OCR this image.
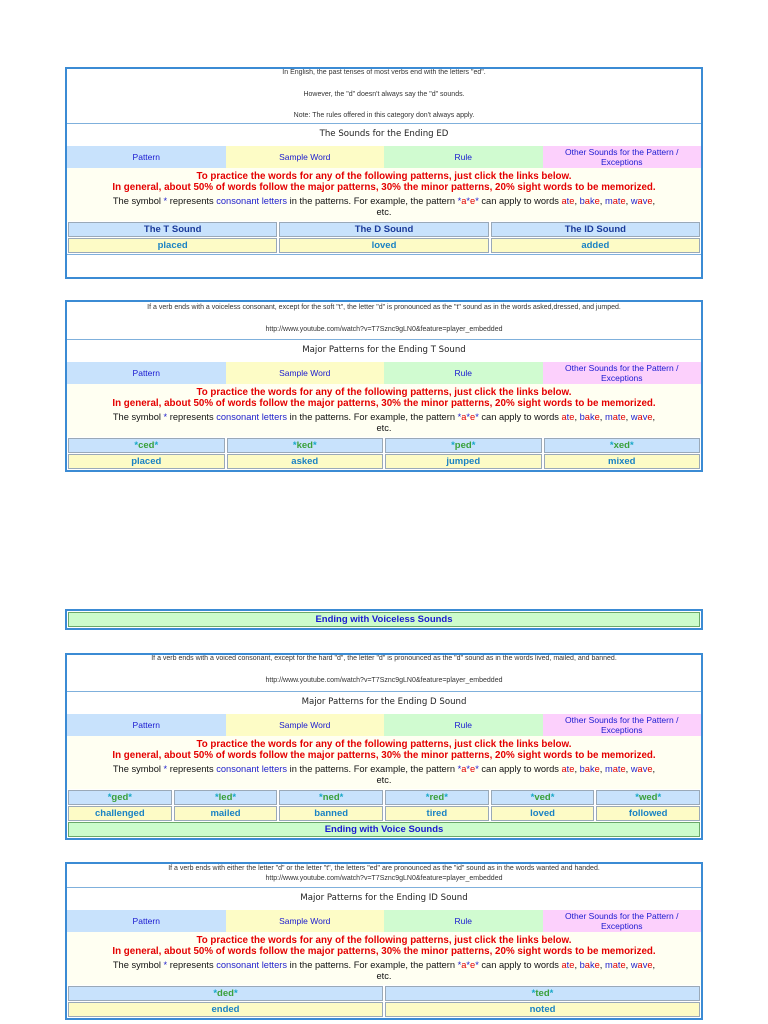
In English, the past tenses of most verbs end with the letters "ed".
However, the "d" doesn't always say the "d" sounds.
Note: The rules offered in this category don't always apply.
The Sounds for the Ending ED
Pattern	Sample Word	Rule	Other Sounds for the Pattern / Exceptions
To practice the words for any of the following patterns, just click the links below.
In general, about 50% of words follow the major patterns, 30% the minor patterns, 20% sight words to be memorized.
The symbol * represents consonant letters in the patterns. For example, the pattern *a*e* can apply to words ate, bake, mate, wave,
etc.
The T Sound	The D Sound	The ID Sound
placed	loved	added
If a verb ends with a voiceless consonant, except for the soft "t", the letter "d" is pronounced as the "t" sound as in the words asked,dressed, and jumped.
http://www.youtube.com/watch?v=T7Sznc9gLN0&feature=player_embedded
Major Patterns for the Ending T Sound
Pattern	Sample Word	Rule	Other Sounds for the Pattern / Exceptions
To practice the words for any of the following patterns, just click the links below.
In general, about 50% of words follow the major patterns, 30% the minor patterns, 20% sight words to be memorized.
The symbol * represents consonant letters in the patterns. For example, the pattern *a*e* can apply to words ate, bake, mate, wave,
etc.
*ced*	*ked*	*ped*	*xed*
placed	asked	jumped	mixed
Ending with Voiceless Sounds
If a verb ends with a voiced consonant, except for the hard "d", the letter "d" is pronounced as the "d" sound as in the words lived, mailed, and banned.
http://www.youtube.com/watch?v=T7Sznc9gLN0&feature=player_embedded
Major Patterns for the Ending D Sound
Pattern	Sample Word	Rule	Other Sounds for the Pattern / Exceptions
To practice the words for any of the following patterns, just click the links below.
In general, about 50% of words follow the major patterns, 30% the minor patterns, 20% sight words to be memorized.
The symbol * represents consonant letters in the patterns. For example, the pattern *a*e* can apply to words ate, bake, mate, wave,
etc.
*ged*	*led*	*ned*	*red*	*ved*	*wed*
challenged	mailed	banned	tired	loved	followed
Ending with Voice Sounds
If a verb ends with either the letter "d" or the letter "t", the letters "ed" are pronounced as the "id" sound as in the words wanted and handed.
http://www.youtube.com/watch?v=T7Sznc9gLN0&feature=player_embedded
Major Patterns for the Ending ID Sound
Pattern	Sample Word	Rule	Other Sounds for the Pattern / Exceptions
To practice the words for any of the following patterns, just click the links below.
In general, about 50% of words follow the major patterns, 30% the minor patterns, 20% sight words to be memorized.
The symbol * represents consonant letters in the patterns. For example, the pattern *a*e* can apply to words ate, bake, mate, wave,
etc.
*ded*	*ted*
ended	noted
